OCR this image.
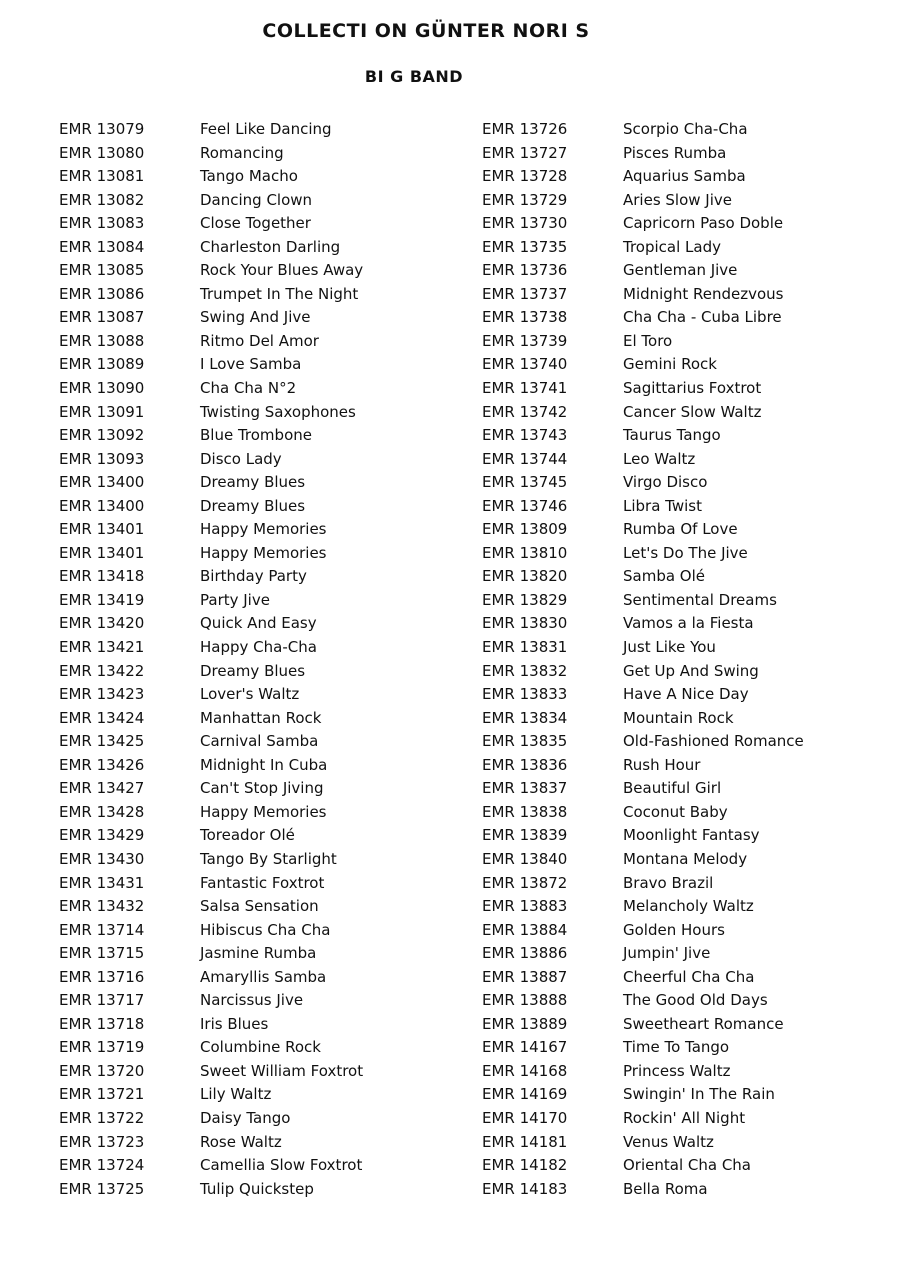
COLLECTI ON GÜNTER NORI S
BI G BAND
EMR 13079	Feel Like Dancing
EMR 13080	Romancing
EMR 13081	Tango Macho
EMR 13082	Dancing Clown
EMR 13083	Close Together
EMR 13084	Charleston Darling
EMR 13085	Rock Your Blues Away
EMR 13086	Trumpet In The Night
EMR 13087	Swing And Jive
EMR 13088	Ritmo Del Amor
EMR 13089	I Love Samba
EMR 13090	Cha Cha N°2
EMR 13091	Twisting Saxophones
EMR 13092	Blue Trombone
EMR 13093	Disco Lady
EMR 13400	Dreamy Blues
EMR 13400	Dreamy Blues
EMR 13401	Happy Memories
EMR 13401	Happy Memories
EMR 13418	Birthday Party
EMR 13419	Party Jive
EMR 13420	Quick And Easy
EMR 13421	Happy Cha-Cha
EMR 13422	Dreamy Blues
EMR 13423	Lover's Waltz
EMR 13424	Manhattan Rock
EMR 13425	Carnival Samba
EMR 13426	Midnight In Cuba
EMR 13427	Can't Stop Jiving
EMR 13428	Happy Memories
EMR 13429	Toreador Olé
EMR 13430	Tango By Starlight
EMR 13431	Fantastic Foxtrot
EMR 13432	Salsa Sensation
EMR 13714	Hibiscus Cha Cha
EMR 13715	Jasmine Rumba
EMR 13716	Amaryllis Samba
EMR 13717	Narcissus Jive
EMR 13718	Iris Blues
EMR 13719	Columbine Rock
EMR 13720	Sweet William Foxtrot
EMR 13721	Lily Waltz
EMR 13722	Daisy Tango
EMR 13723	Rose Waltz
EMR 13724	Camellia Slow Foxtrot
EMR 13725	Tulip Quickstep
EMR 13726	Scorpio Cha-Cha
EMR 13727	Pisces Rumba
EMR 13728	Aquarius Samba
EMR 13729	Aries Slow Jive
EMR 13730	Capricorn Paso Doble
EMR 13735	Tropical Lady
EMR 13736	Gentleman Jive
EMR 13737	Midnight Rendezvous
EMR 13738	Cha Cha - Cuba Libre
EMR 13739	El Toro
EMR 13740	Gemini Rock
EMR 13741	Sagittarius Foxtrot
EMR 13742	Cancer Slow Waltz
EMR 13743	Taurus Tango
EMR 13744	Leo Waltz
EMR 13745	Virgo Disco
EMR 13746	Libra Twist
EMR 13809	Rumba Of Love
EMR 13810	Let's Do The Jive
EMR 13820	Samba Olé
EMR 13829	Sentimental Dreams
EMR 13830	Vamos a la Fiesta
EMR 13831	Just Like You
EMR 13832	Get Up And Swing
EMR 13833	Have A Nice Day
EMR 13834	Mountain Rock
EMR 13835	Old-Fashioned Romance
EMR 13836	Rush Hour
EMR 13837	Beautiful Girl
EMR 13838	Coconut Baby
EMR 13839	Moonlight Fantasy
EMR 13840	Montana Melody
EMR 13872	Bravo Brazil
EMR 13883	Melancholy Waltz
EMR 13884	Golden Hours
EMR 13886	Jumpin' Jive
EMR 13887	Cheerful Cha Cha
EMR 13888	The Good Old Days
EMR 13889	Sweetheart Romance
EMR 14167	Time To Tango
EMR 14168	Princess Waltz
EMR 14169	Swingin' In The Rain
EMR 14170	Rockin' All Night
EMR 14181	Venus Waltz
EMR 14182	Oriental Cha Cha
EMR 14183	Bella Roma
